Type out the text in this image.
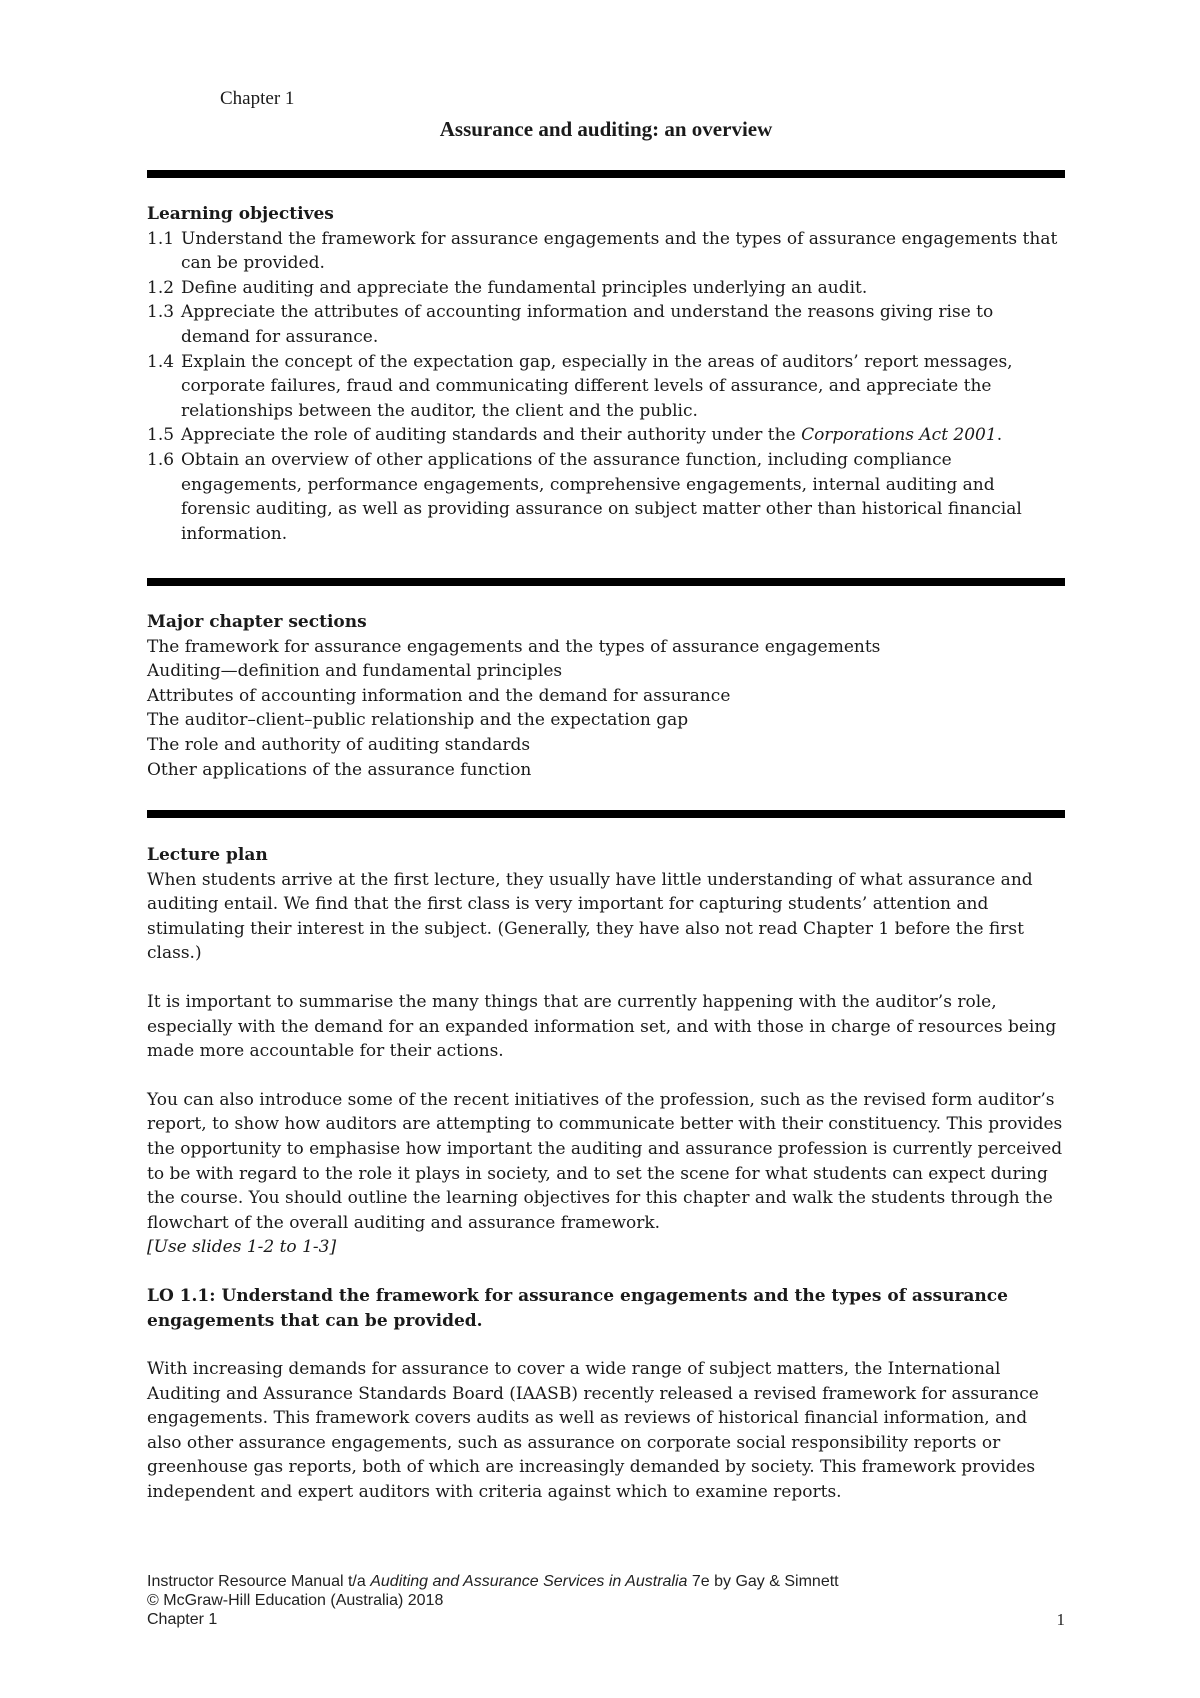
Chapter 1
Assurance and auditing: an overview
Learning objectives
1.1 Understand the framework for assurance engagements and the types of assurance engagements that can be provided.
1.2 Define auditing and appreciate the fundamental principles underlying an audit.
1.3 Appreciate the attributes of accounting information and understand the reasons giving rise to demand for assurance.
1.4 Explain the concept of the expectation gap, especially in the areas of auditors’ report messages, corporate failures, fraud and communicating different levels of assurance, and appreciate the relationships between the auditor, the client and the public.
1.5 Appreciate the role of auditing standards and their authority under the Corporations Act 2001.
1.6 Obtain an overview of other applications of the assurance function, including compliance engagements, performance engagements, comprehensive engagements, internal auditing and forensic auditing, as well as providing assurance on subject matter other than historical financial information.
Major chapter sections
The framework for assurance engagements and the types of assurance engagements
Auditing—definition and fundamental principles
Attributes of accounting information and the demand for assurance
The auditor–client–public relationship and the expectation gap
The role and authority of auditing standards
Other applications of the assurance function
Lecture plan

When students arrive at the first lecture, they usually have little understanding of what assurance and auditing entail. We find that the first class is very important for capturing students’ attention and stimulating their interest in the subject. (Generally, they have also not read Chapter 1 before the first class.)

It is important to summarise the many things that are currently happening with the auditor’s role, especially with the demand for an expanded information set, and with those in charge of resources being made more accountable for their actions.

You can also introduce some of the recent initiatives of the profession, such as the revised form auditor’s report, to show how auditors are attempting to communicate better with their constituency. This provides the opportunity to emphasise how important the auditing and assurance profession is currently perceived to be with regard to the role it plays in society, and to set the scene for what students can expect during the course. You should outline the learning objectives for this chapter and walk the students through the flowchart of the overall auditing and assurance framework.

[Use slides 1-2 to 1-3]

LO 1.1: Understand the framework for assurance engagements and the types of assurance engagements that can be provided.

With increasing demands for assurance to cover a wide range of subject matters, the International Auditing and Assurance Standards Board (IAASB) recently released a revised framework for assurance engagements. This framework covers audits as well as reviews of historical financial information, and also other assurance engagements, such as assurance on corporate social responsibility reports or greenhouse gas reports, both of which are increasingly demanded by society. This framework provides independent and expert auditors with criteria against which to examine reports.

Instructor Resource Manual t/a Auditing and Assurance Services in Australia 7e by Gay & Simnett
© McGraw-Hill Education (Australia) 2018
Chapter 1	1
